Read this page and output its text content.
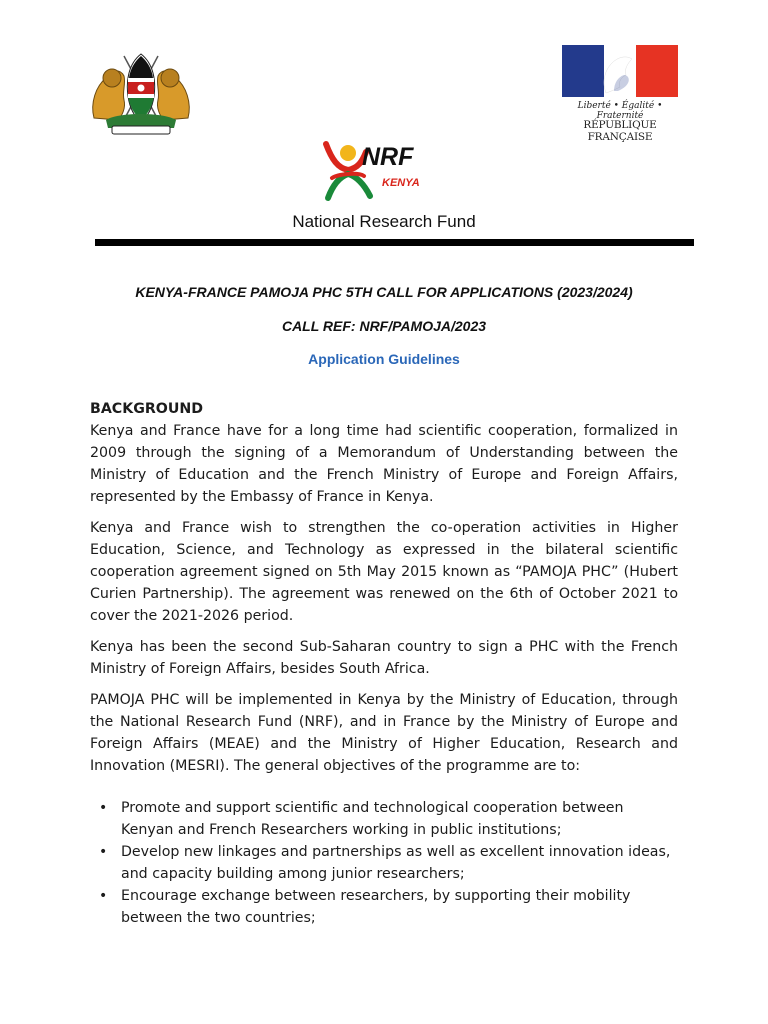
Liberté • Égalité • Fraternité
RÉPUBLIQUE FRANÇAISE
NRF
KENYA
National Research Fund
KENYA-FRANCE PAMOJA PHC 5TH CALL FOR APPLICATIONS (2023/2024)
CALL REF: NRF/PAMOJA/2023
Application Guidelines
BACKGROUND

Kenya and France have for a long time had scientific cooperation, formalized in 2009 through the signing of a Memorandum of Understanding between the Ministry of Education and the French Ministry of Europe and Foreign Affairs, represented by the Embassy of France in Kenya.

Kenya and France wish to strengthen the co-operation activities in Higher Education, Science, and Technology as expressed in the bilateral scientific cooperation agreement signed on 5th May 2015 known as “PAMOJA PHC” (Hubert Curien Partnership). The agreement was renewed on the 6th of October 2021 to cover the 2021-2026 period.

Kenya has been the second Sub-Saharan country to sign a PHC with the French Ministry of Foreign Affairs, besides South Africa.

PAMOJA PHC will be implemented in Kenya by the Ministry of Education, through the National Research Fund (NRF), and in France by the Ministry of Europe and Foreign Affairs (MEAE) and the Ministry of Higher Education, Research and Innovation (MESRI). The general objectives of the programme are to:

• Promote and support scientific and technological cooperation between Kenyan and French Researchers working in public institutions;
• Develop new linkages and partnerships as well as excellent innovation ideas, and capacity building among junior researchers;
• Encourage exchange between researchers, by supporting their mobility between the two countries;
